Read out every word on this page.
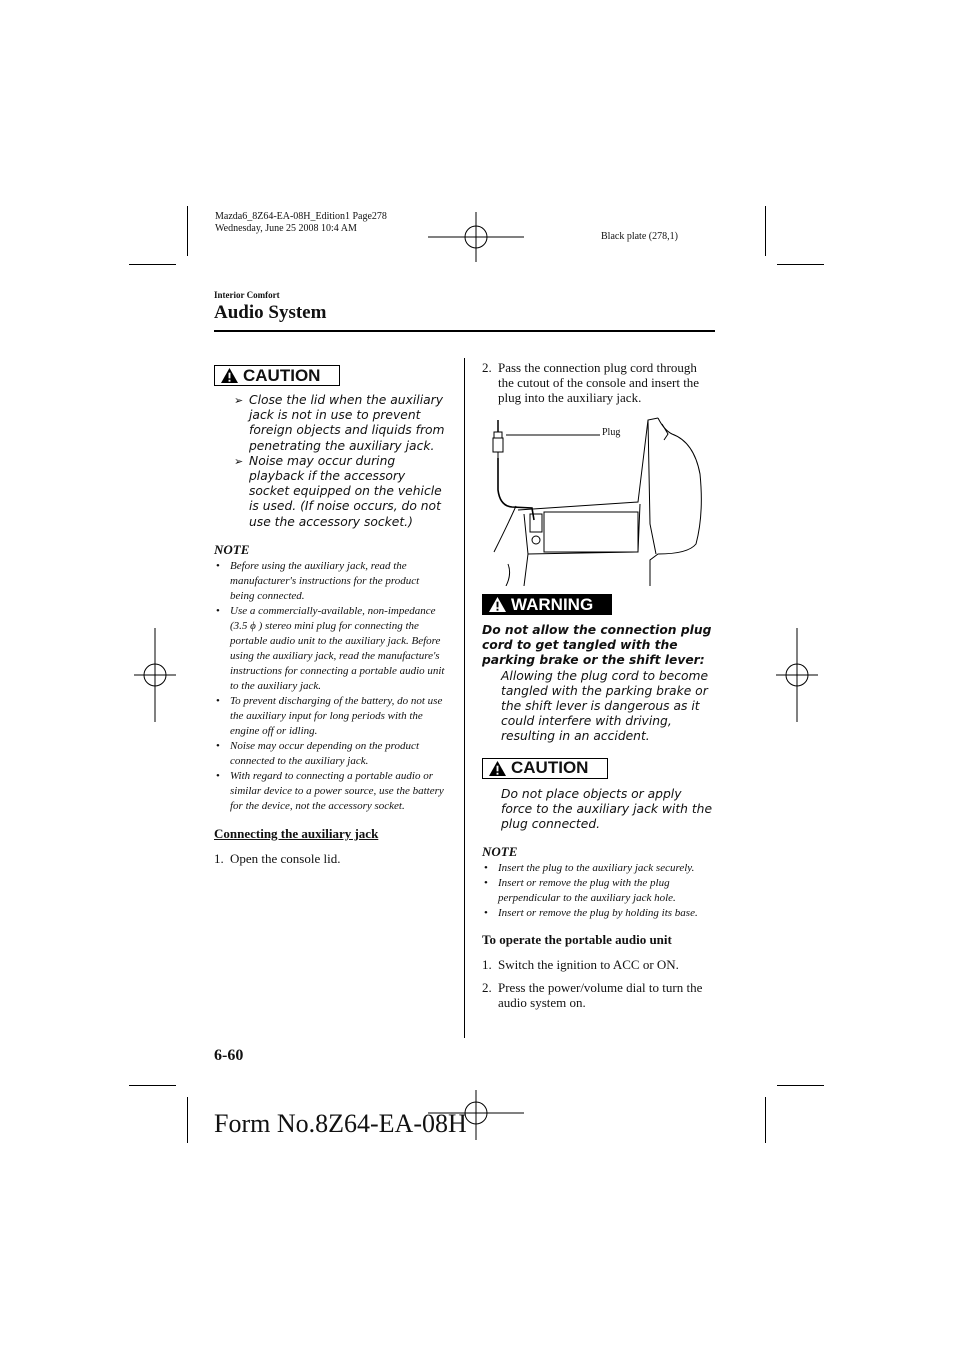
Mazda6_8Z64-EA-08H_Edition1 Page278
Wednesday, June 25 2008 10:4 AM
Black plate (278,1)
Interior Comfort
Audio System
CAUTION
➢ Close the lid when the auxiliary jack is not in use to prevent foreign objects and liquids from penetrating the auxiliary jack.
➢ Noise may occur during playback if the accessory socket equipped on the vehicle is used. (If noise occurs, do not use the accessory socket.)
NOTE
• Before using the auxiliary jack, read the manufacturer's instructions for the product being connected.
• Use a commercially-available, non-impedance (3.5 ϕ ) stereo mini plug for connecting the portable audio unit to the auxiliary jack. Before using the auxiliary jack, read the manufacture's instructions for connecting a portable audio unit to the auxiliary jack.
• To prevent discharging of the battery, do not use the auxiliary input for long periods with the engine off or idling.
• Noise may occur depending on the product connected to the auxiliary jack.
• With regard to connecting a portable audio or similar device to a power source, use the battery for the device, not the accessory socket.
Connecting the auxiliary jack
1. Open the console lid.
2. Pass the connection plug cord through the cutout of the console and insert the plug into the auxiliary jack.
Plug
WARNING
Do not allow the connection plug cord to get tangled with the parking brake or the shift lever:
Allowing the plug cord to become tangled with the parking brake or the shift lever is dangerous as it could interfere with driving, resulting in an accident.
CAUTION
Do not place objects or apply force to the auxiliary jack with the plug connected.
NOTE
• Insert the plug to the auxiliary jack securely.
• Insert or remove the plug with the plug perpendicular to the auxiliary jack hole.
• Insert or remove the plug by holding its base.
To operate the portable audio unit
1. Switch the ignition to ACC or ON.
2. Press the power/volume dial to turn the audio system on.
6-60
Form No.8Z64-EA-08H
